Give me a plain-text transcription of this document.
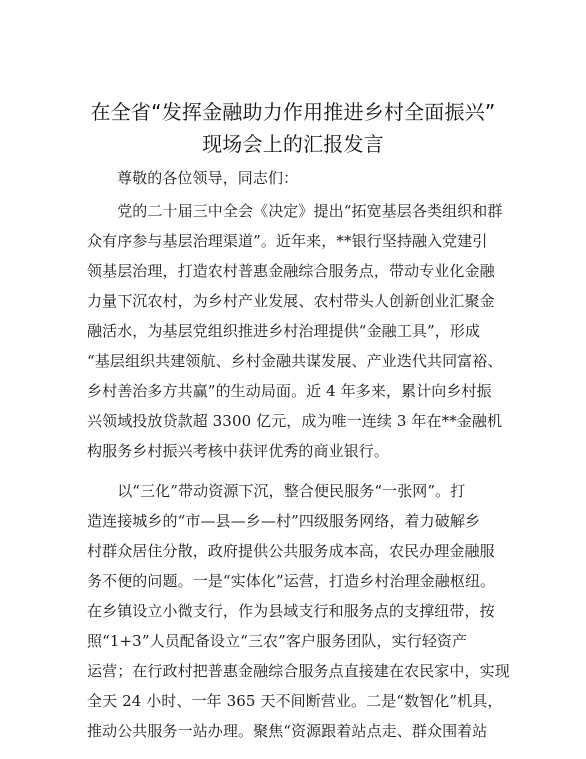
在全省“发挥金融助力作用推进乡村全面振兴”
现场会上的汇报发言
尊敬的各位领导，同志们：
　　党的二十届三中全会《决定》提出“拓宽基层各类组织和群
众有序参与基层治理渠道”。近年来，**银行坚持融入党建引
领基层治理，打造农村普惠金融综合服务点，带动专业化金融
力量下沉农村，为乡村产业发展、农村带头人创新创业汇聚金
融活水，为基层党组织推进乡村治理提供“金融工具”，形成
“基层组织共建领航、乡村金融共谋发展、产业迭代共同富裕、
乡村善治多方共赢”的生动局面。近 4 年多来，累计向乡村振
兴领域投放贷款超 3300 亿元，成为唯一连续 3 年在**金融机
构服务乡村振兴考核中获评优秀的商业银行。
　　以“三化”带动资源下沉，整合便民服务“一张网”。打
造连接城乡的“市—县—乡—村”四级服务网络，着力破解乡
村群众居住分散，政府提供公共服务成本高，农民办理金融服
务不便的问题。一是“实体化”运营，打造乡村治理金融枢纽。
在乡镇设立小微支行，作为县域支行和服务点的支撑纽带，按
照“1+3”人员配备设立“三农”客户服务团队，实行轻资产
运营；在行政村把普惠金融综合服务点直接建在农民家中，实现
全天 24 小时、一年 365 天不间断营业。二是“数智化”机具，
推动公共服务一站办理。聚焦“资源跟着站点走、群众围着站
